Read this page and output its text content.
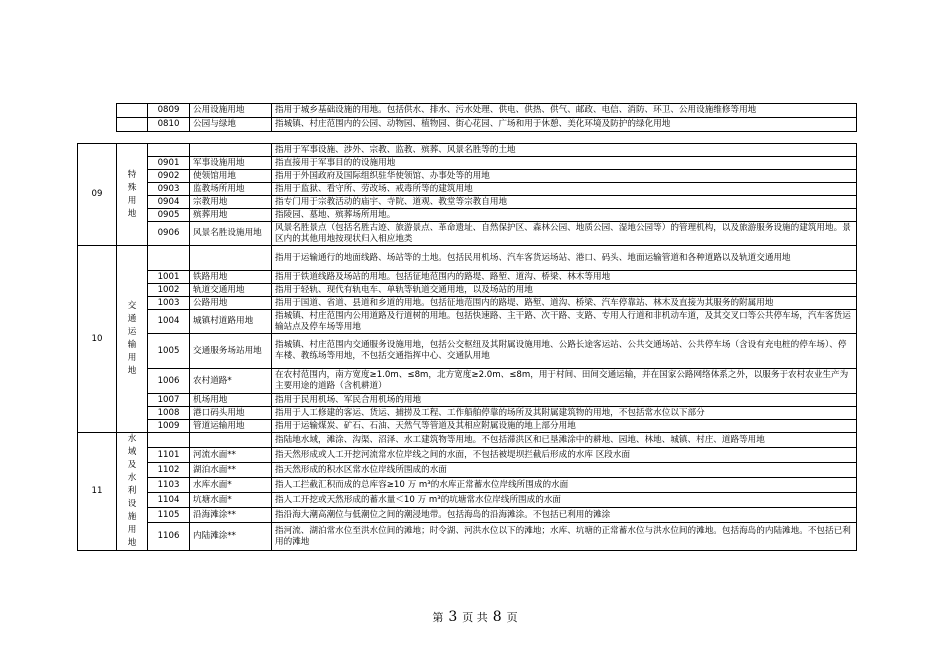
	0809	公用设施用地	指用于城乡基础设施的用地。包括供水、排水、污水处理、供电、供热、供气、邮政、电信、消防、环卫、公用设施维修等用地
	0810	公园与绿地	指城镇、村庄范围内的公园、动物园、植物园、街心花园、广场和用于休憩、美化环境及防护的绿化用地
09	特殊用地			指用于军事设施、涉外、宗教、监教、殡葬、风景名胜等的土地
		0901	军事设施用地	指直接用于军事目的的设施用地
		0902	使领馆用地	指用于外国政府及国际组织驻华使领馆、办事处等的用地
		0903	监教场所用地	指用于监狱、看守所、劳改场、戒毒所等的建筑用地
		0904	宗教用地	指专门用于宗教活动的庙宇、寺院、道观、教堂等宗教自用地
		0905	殡葬用地	指陵园、墓地、殡葬场所用地。
		0906	风景名胜设施用地	风景名胜景点（包括名胜古迹、旅游景点、革命遗址、自然保护区、森林公园、地质公园、湿地公园等）的管理机构，以及旅游服务设施的建筑用地。景区内的其他用地按现状归入相应地类
10	交通运输用地			指用于运输通行的地面线路、场站等的土地。包括民用机场、汽车客货运场站、港口、码头、地面运输管道和各种道路以及轨道交通用地
		1001	铁路用地	指用于铁道线路及场站的用地。包括征地范围内的路堤、路堑、道沟、桥梁、林木等用地
		1002	轨道交通用地	指用于轻轨、现代有轨电车、单轨等轨道交通用地，以及场站的用地
		1003	公路用地	指用于国道、省道、县道和乡道的用地。包括征地范围内的路堤、路堑、道沟、桥梁、汽车停靠站、林木及直接为其服务的附属用地
		1004	城镇村道路用地	指城镇、村庄范围内公用道路及行道树的用地。包括快速路、主干路、次干路、支路、专用人行道和非机动车道，及其交叉口等公共停车场，汽车客货运输站点及停车场等用地
		1005	交通服务场站用地	指城镇、村庄范围内交通服务设施用地，包括公交枢纽及其附属设施用地、公路长途客运站、公共交通场站、公共停车场（含设有充电桩的停车场）、停车楼、教练场等用地，不包括交通指挥中心、交通队用地
		1006	农村道路*	在农村范围内，南方宽度≥1.0m、≤8m，北方宽度≥2.0m、≤8m，用于村间、田间交通运输，并在国家公路网络体系之外，以服务于农村农业生产为主要用途的道路（含机耕道）
		1007	机场用地	指用于民用机场、军民合用机场的用地
		1008	港口码头用地	指用于人工修建的客运、货运、捕捞及工程、工作船舶停靠的场所及其附属建筑物的用地，不包括常水位以下部分
		1009	管道运输用地	指用于运输煤炭、矿石、石油、天然气等管道及其相应附属设施的地上部分用地
11	水域及水利设施用地			指陆地水域，滩涂、沟渠、沼泽、水工建筑物等用地。不包括滞洪区和已垦滩涂中的耕地、园地、林地、城镇、村庄、道路等用地
		1101	河流水面**	指天然形成或人工开挖河流常水位岸线之间的水面，不包括被堤坝拦截后形成的水库 区段水面
		1102	湖泊水面**	指天然形成的积水区常水位岸线所围成的水面
		1103	水库水面*	指人工拦截汇积而成的总库容≥10 万 m³的水库正常蓄水位岸线所围成的水面
		1104	坑塘水面*	指人工开挖或天然形成的蓄水量＜10 万 m³的坑塘常水位岸线所围成的水面
		1105	沿海滩涂**	指沿海大潮高潮位与低潮位之间的潮浸地带。包括海岛的沿海滩涂。不包括已利用的滩涂
		1106	内陆滩涂**	指河流、湖泊常水位至洪水位间的滩地；时令湖、河洪水位以下的滩地；水库、坑塘的正常蓄水位与洪水位间的滩地。包括海岛的内陆滩地。不包括已利用的滩地
第 3 页 共 8 页
